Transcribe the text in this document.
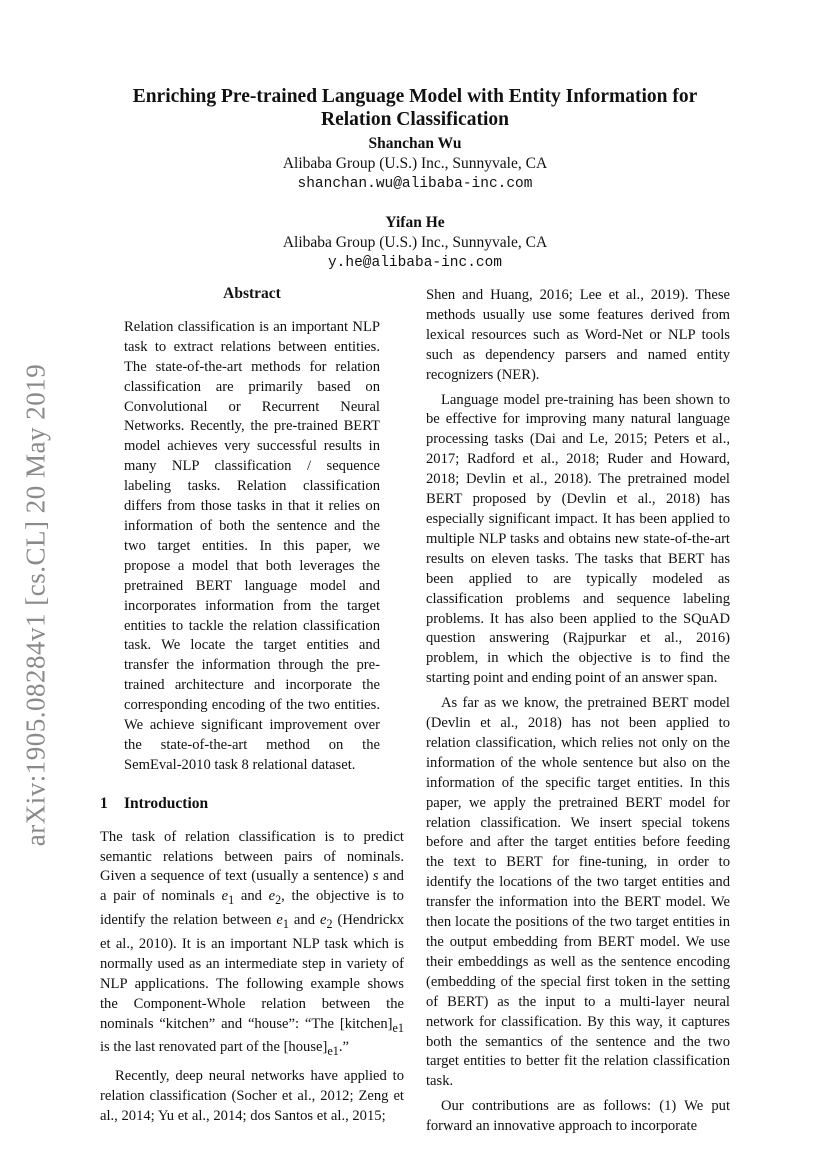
arXiv:1905.08284v1 [cs.CL] 20 May 2019
Enriching Pre-trained Language Model with Entity Information for Relation Classification
Shanchan Wu
Alibaba Group (U.S.) Inc., Sunnyvale, CA
shanchan.wu@alibaba-inc.com
Yifan He
Alibaba Group (U.S.) Inc., Sunnyvale, CA
y.he@alibaba-inc.com
Abstract

Relation classification is an important NLP task to extract relations between entities. The state-of-the-art methods for relation classification are primarily based on Convolutional or Recurrent Neural Networks. Recently, the pre-trained BERT model achieves very successful results in many NLP classification / sequence labeling tasks. Relation classification differs from those tasks in that it relies on information of both the sentence and the two target entities. In this paper, we propose a model that both leverages the pretrained BERT language model and incorporates information from the target entities to tackle the relation classification task. We locate the target entities and transfer the information through the pre-trained architecture and incorporate the corresponding encoding of the two entities. We achieve significant improvement over the state-of-the-art method on the SemEval-2010 task 8 relational dataset.

1 Introduction

The task of relation classification is to predict semantic relations between pairs of nominals. Given a sequence of text (usually a sentence) s and a pair of nominals $e_1$ and $e_2$, the objective is to identify the relation between $e_1$ and $e_2$ (Hendrickx et al., 2010). It is an important NLP task which is normally used as an intermediate step in variety of NLP applications. The following example shows the Component-Whole relation between the nominals “kitchen” and “house”: “The $[kitchen]_{e1}$ is the last renovated part of the $[house]_{e1}$.”

Recently, deep neural networks have applied to relation classification (Socher et al., 2012; Zeng et al., 2014; Yu et al., 2014; dos Santos et al., 2015;

Shen and Huang, 2016; Lee et al., 2019). These methods usually use some features derived from lexical resources such as Word-Net or NLP tools such as dependency parsers and named entity recognizers (NER).

Language model pre-training has been shown to be effective for improving many natural language processing tasks (Dai and Le, 2015; Peters et al., 2017; Radford et al., 2018; Ruder and Howard, 2018; Devlin et al., 2018). The pretrained model BERT proposed by (Devlin et al., 2018) has especially significant impact. It has been applied to multiple NLP tasks and obtains new state-of-the-art results on eleven tasks. The tasks that BERT has been applied to are typically modeled as classification problems and sequence labeling problems. It has also been applied to the SQuAD question answering (Rajpurkar et al., 2016) problem, in which the objective is to find the starting point and ending point of an answer span.

As far as we know, the pretrained BERT model (Devlin et al., 2018) has not been applied to relation classification, which relies not only on the information of the whole sentence but also on the information of the specific target entities. In this paper, we apply the pretrained BERT model for relation classification. We insert special tokens before and after the target entities before feeding the text to BERT for fine-tuning, in order to identify the locations of the two target entities and transfer the information into the BERT model. We then locate the positions of the two target entities in the output embedding from BERT model. We use their embeddings as well as the sentence encoding (embedding of the special first token in the setting of BERT) as the input to a multi-layer neural network for classification. By this way, it captures both the semantics of the sentence and the two target entities to better fit the relation classification task.

Our contributions are as follows: (1) We put forward an innovative approach to incorporate
